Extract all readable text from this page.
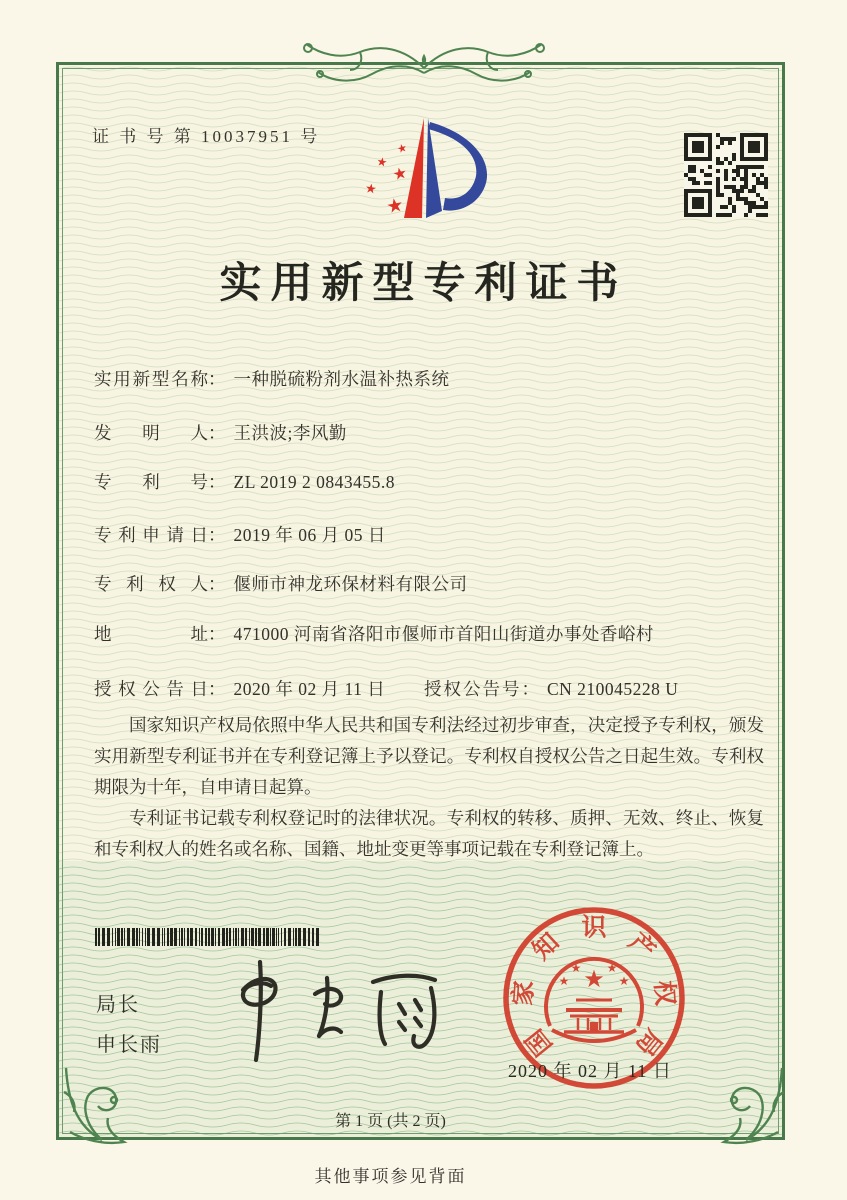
证 书 号 第 10037951 号
★
★
★
★
★
实用新型专利证书
实用新型名称： 一种脱硫粉剂水温补热系统
发明人： 王洪波;李风勤
专利号： ZL 2019 2 0843455.8
专利申请日： 2019 年 06 月 05 日
专利权人： 偃师市神龙环保材料有限公司
地址： 471000 河南省洛阳市偃师市首阳山街道办事处香峪村
授权公告日： 2020 年 02 月 11 日 授权公告号： CN 210045228 U

国家知识产权局依照中华人民共和国专利法经过初步审查，决定授予专利权，颁发实用新型专利证书并在专利登记簿上予以登记。专利权自授权公告之日起生效。专利权期限为十年，自申请日起算。

专利证书记载专利权登记时的法律状况。专利权的转移、质押、无效、终止、恢复和专利权人的姓名或名称、国籍、地址变更等事项记载在专利登记簿上。

局长
申长雨	国
家
知
识
产
权
局
★
★
★
★
★
2020 年 02 月 11 日
第 1 页 (共 2 页)
其他事项参见背面
